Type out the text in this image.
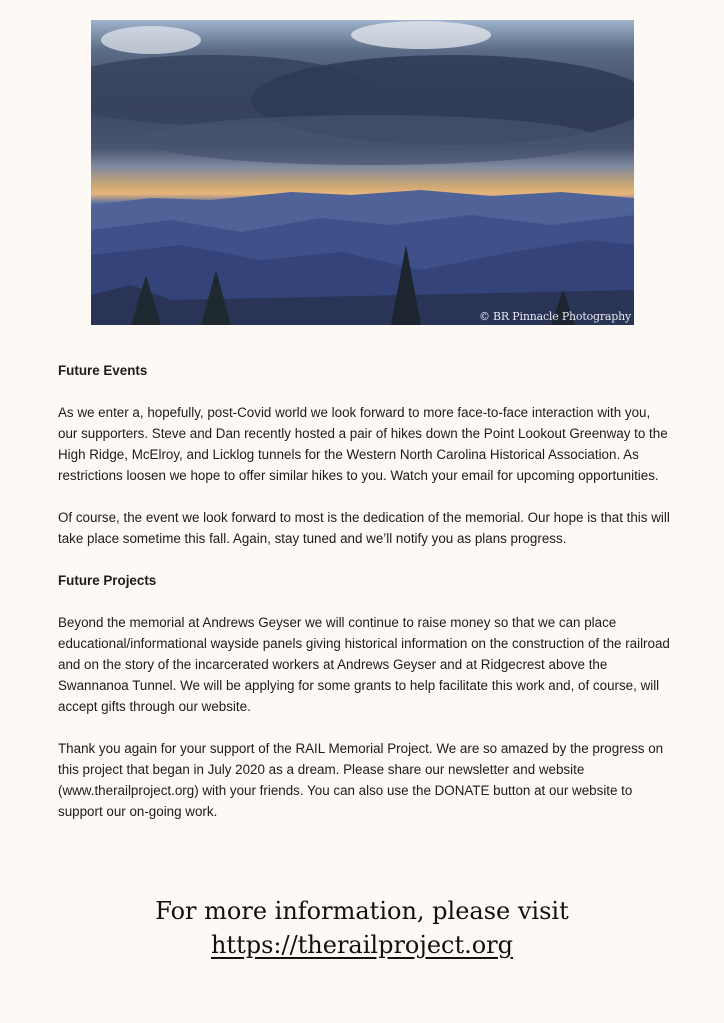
© BR Pinnacle Photography
Future Events

As we enter a, hopefully, post-Covid world we look forward to more face-to-face interaction with you, our supporters. Steve and Dan recently hosted a pair of hikes down the Point Lookout Greenway to the High Ridge, McElroy, and Licklog tunnels for the Western North Carolina Historical Association. As restrictions loosen we hope to offer similar hikes to you. Watch your email for upcoming opportunities.

Of course, the event we look forward to most is the dedication of the memorial. Our hope is that this will take place sometime this fall. Again, stay tuned and we’ll notify you as plans progress.

Future Projects

Beyond the memorial at Andrews Geyser we will continue to raise money so that we can place educational/informational wayside panels giving historical information on the construction of the railroad and on the story of the incarcerated workers at Andrews Geyser and at Ridgecrest above the Swannanoa Tunnel. We will be applying for some grants to help facilitate this work and, of course, will accept gifts through our website.

Thank you again for your support of the RAIL Memorial Project. We are so amazed by the progress on this project that began in July 2020 as a dream. Please share our newsletter and website (www.therailproject.org) with your friends. You can also use the DONATE button at our website to support our on-going work.

For more information, please visit
https://therailproject.org
